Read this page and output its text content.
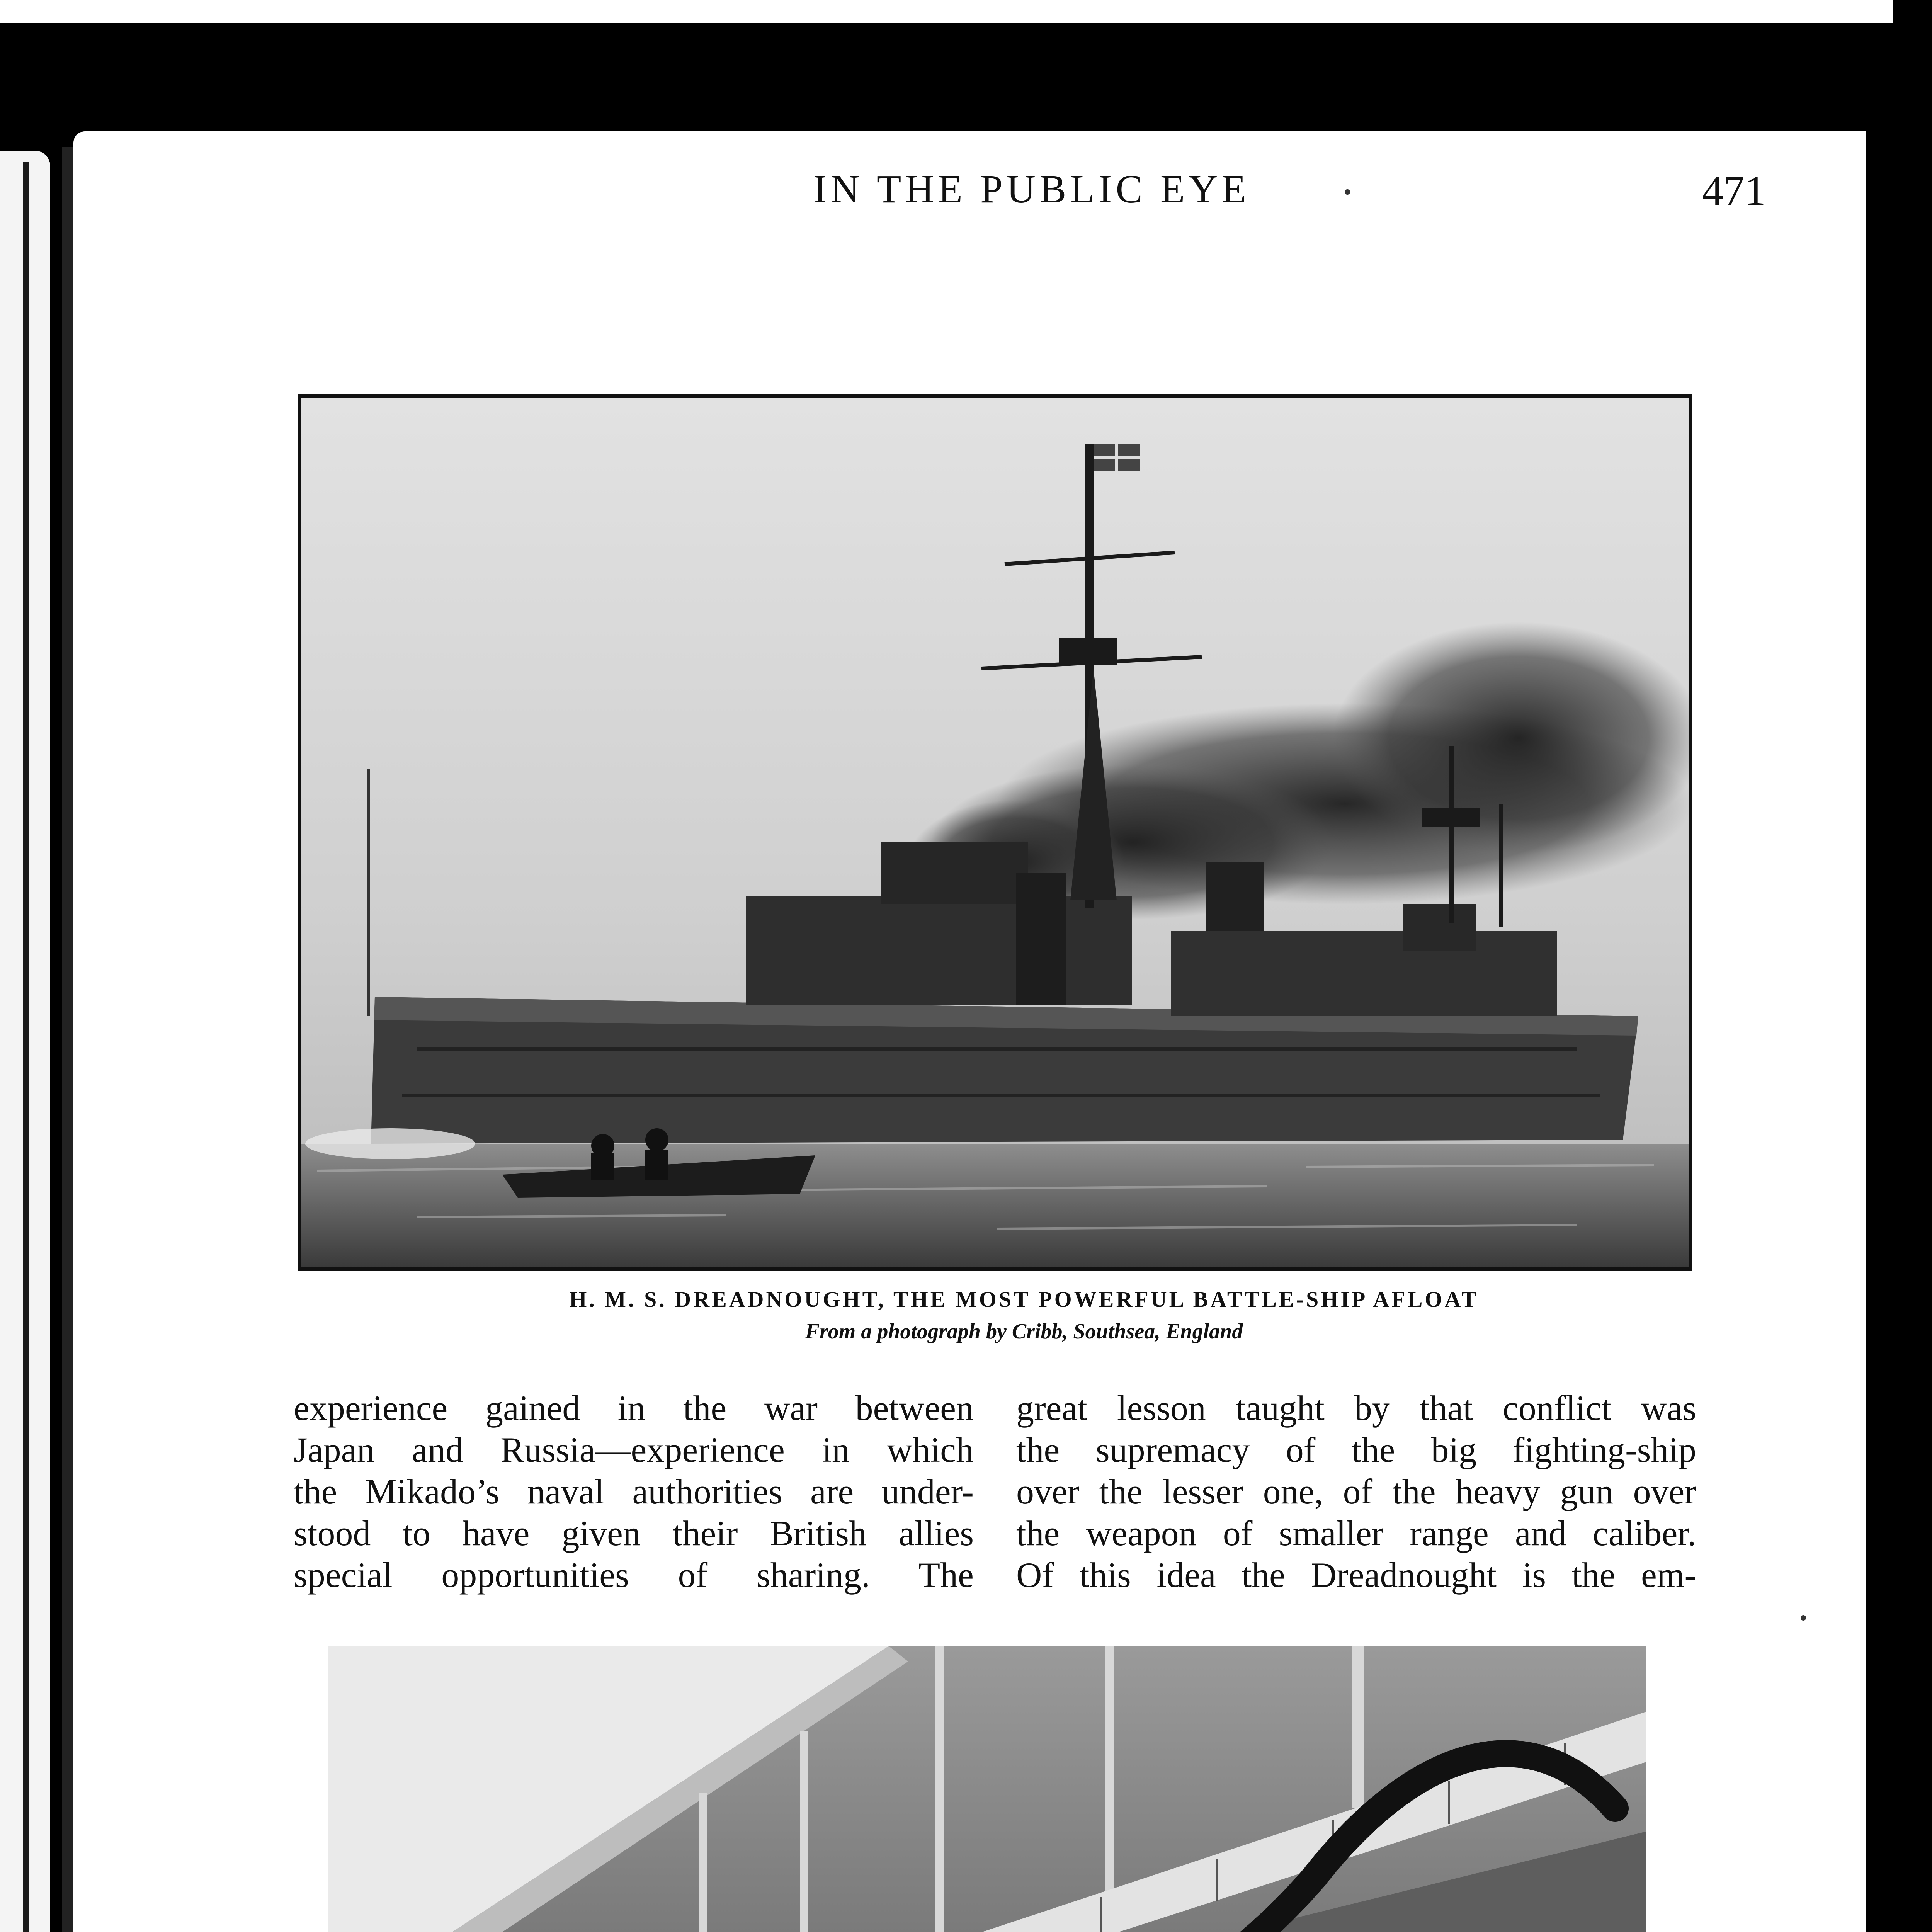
IN THE PUBLIC EYE	471
H. M. S. DREADNOUGHT, THE MOST POWERFUL BATTLE-SHIP AFLOAT
From a photograph by Cribb, Southsea, England
experience gained in the war between
Japan and Russia—experience in which
the Mikado’s naval authorities are under-
stood to have given their British allies
special opportunities of sharing. The
great lesson taught by that conflict was
the supremacy of the big fighting-ship
over the lesser one, of the heavy gun over
the weapon of smaller range and caliber.
Of this idea the Dreadnought is the em-
